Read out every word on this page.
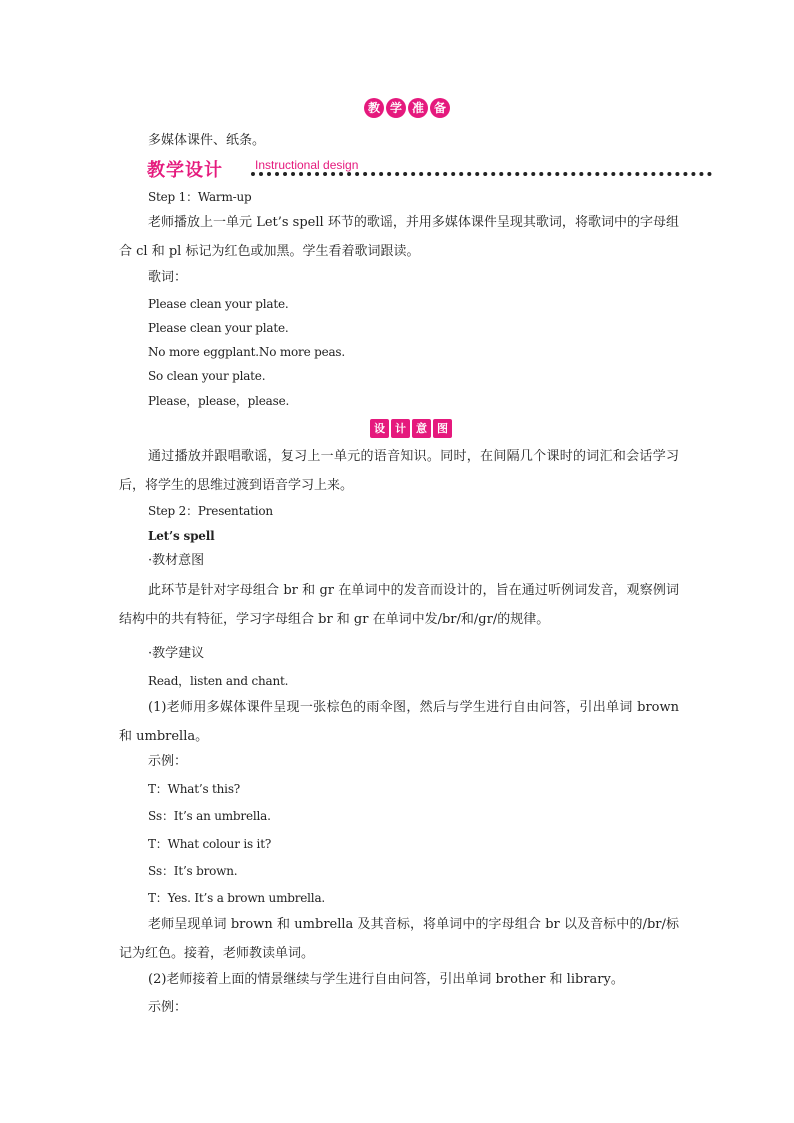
教 学 准 备
多媒体课件、纸条。
教学设计	Instructional design
Step 1：Warm-up
老师播放上一单元 Let’s spell 环节的歌谣，并用多媒体课件呈现其歌词，将歌词中的字母组合 cl 和 pl 标记为红色或加黑。学生看着歌词跟读。
歌词：
Please clean your plate.
Please clean your plate.
No more eggplant.No more peas.
So clean your plate.
Please，please，please.
设 计 意 图
通过播放并跟唱歌谣，复习上一单元的语音知识。同时，在间隔几个课时的词汇和会话学习后，将学生的思维过渡到语音学习上来。
Step 2：Presentation
Let’s spell
·教材意图
此环节是针对字母组合 br 和 gr 在单词中的发音而设计的，旨在通过听例词发音，观察例词结构中的共有特征，学习字母组合 br 和 gr 在单词中发/br/和/ɡr/的规律。
·教学建议
Read，listen and chant.
(1)老师用多媒体课件呈现一张棕色的雨伞图，然后与学生进行自由问答，引出单词 brown 和 umbrella。
示例：
T：What’s this?
Ss：It’s an umbrella.
T：What colour is it?
Ss：It’s brown.
T：Yes. It’s a brown umbrella.
老师呈现单词 brown 和 umbrella 及其音标，将单词中的字母组合 br 以及音标中的/br/标记为红色。接着，老师教读单词。
(2)老师接着上面的情景继续与学生进行自由问答，引出单词 brother 和 library。
示例：
